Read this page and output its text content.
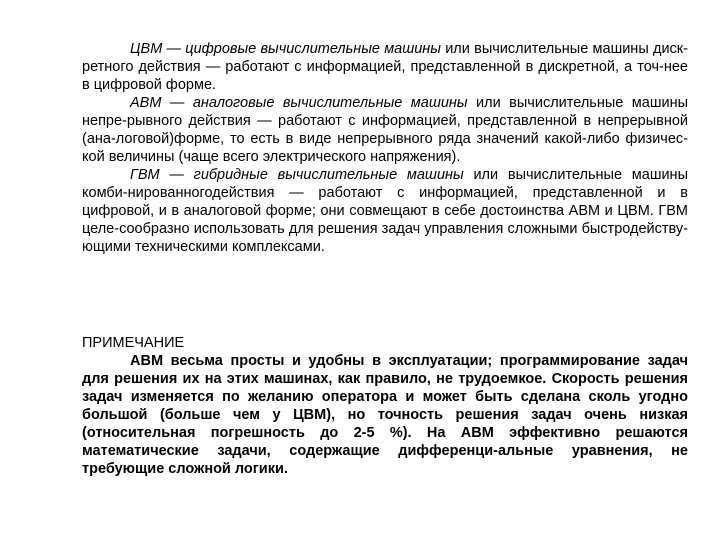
ЦВМ — цифровые вычислительные машины или вычислительные машины диск-ретного действия — работают с информацией, представленной в дискретной, а точ-нее в цифровой форме.

АВМ — аналоговые вычислительные машины или вычислительные машины непре-рывного действия — работают с информацией, представленной в непрерывной (ана-логовой)форме, то есть в виде непрерывного ряда значений какой-либо физичес-кой величины (чаще всего электрического напряжения).

ГВМ — гибридные вычислительные машины или вычислительные машины комби-нированногодействия — работают с информацией, представленной и в цифровой, и в аналоговой форме; они совмещают в себе достоинства АВМ и ЦВМ. ГВМ целе-сообразно использовать для решения задач управления сложными быстродейству-ющими техническими комплексами.

ПРИМЕЧАНИЕ

АВМ весьма просты и удобны в эксплуатации; программирование задач для решения их на этих машинах, как правило, не трудоемкое. Скорость решения задач изменяется по желанию оператора и может быть сделана сколь угодно большой (больше чем у ЦВМ), но точность решения задач очень низкая (относительная погрешность до 2-5 %). На АВМ эффективно решаются математические задачи, содержащие дифференци-альные уравнения, не требующие сложной логики.
